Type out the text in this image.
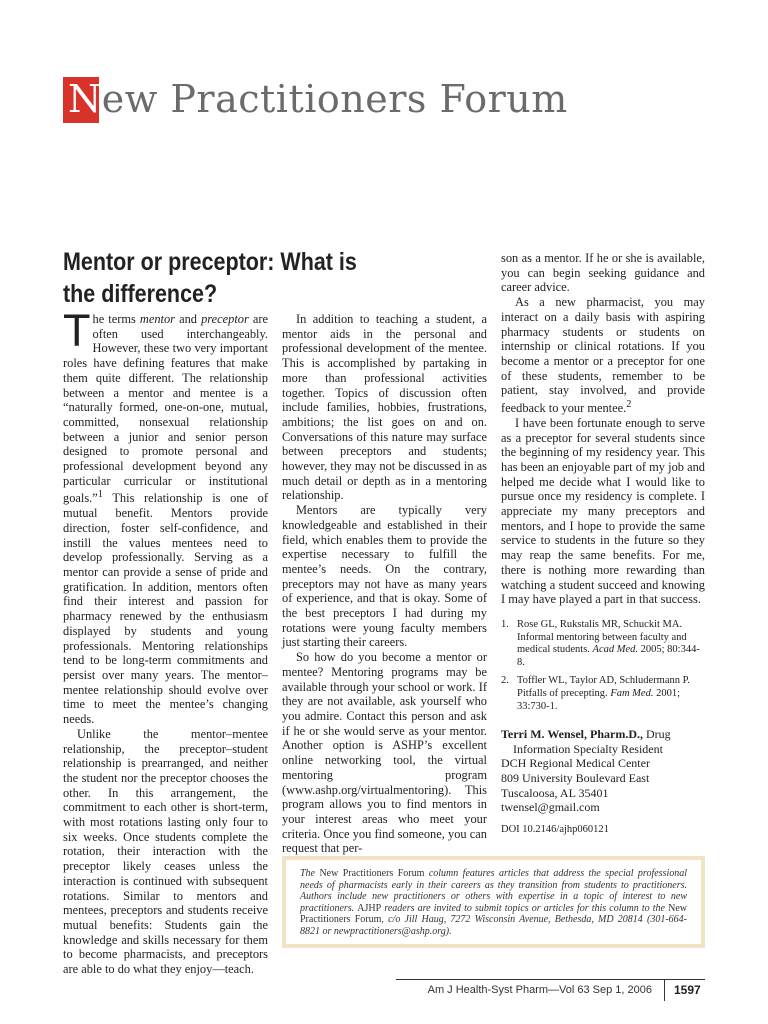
New Practitioners Forum
Mentor or preceptor: What is the difference?

The terms mentor and preceptor are often used interchangeably. However, these two very important roles have defining features that make them quite different. The relationship between a mentor and mentee is a “naturally formed, one-on-one, mutual, committed, nonsexual relationship between a junior and senior person designed to promote personal and professional development beyond any particular curricular or institutional goals.”$^1$ This relationship is one of mutual benefit. Mentors provide direction, foster self-confidence, and instill the values mentees need to develop professionally. Serving as a mentor can provide a sense of pride and gratification. In addition, mentors often find their interest and passion for pharmacy renewed by the enthusiasm displayed by students and young professionals. Mentoring relationships tend to be long-term commitments and persist over many years. The mentor–mentee relationship should evolve over time to meet the mentee’s changing needs.

Unlike the mentor–mentee relationship, the preceptor–student relationship is prearranged, and neither the student nor the preceptor chooses the other. In this arrangement, the commitment to each other is short-term, with most rotations lasting only four to six weeks. Once students complete the rotation, their interaction with the preceptor likely ceases unless the interaction is continued with subsequent rotations. Similar to mentors and mentees, preceptors and students receive mutual benefits: Students gain the knowledge and skills necessary for them to become pharmacists, and preceptors are able to do what they enjoy—teach.

In addition to teaching a student, a mentor aids in the personal and professional development of the mentee. This is accomplished by partaking in more than professional activities together. Topics of discussion often include families, hobbies, frustrations, ambitions; the list goes on and on. Conversations of this nature may surface between preceptors and students; however, they may not be discussed in as much detail or depth as in a mentoring relationship.

Mentors are typically very knowledgeable and established in their field, which enables them to provide the expertise necessary to fulfill the mentee’s needs. On the contrary, preceptors may not have as many years of experience, and that is okay. Some of the best preceptors I had during my rotations were young faculty members just starting their careers.

So how do you become a mentor or mentee? Mentoring programs may be available through your school or work. If they are not available, ask yourself who you admire. Contact this person and ask if he or she would serve as your mentor. Another option is ASHP’s excellent online networking tool, the virtual mentoring program (www.ashp.org/virtualmentoring). This program allows you to find mentors in your interest areas who meet your criteria. Once you find someone, you can request that per-

son as a mentor. If he or she is available, you can begin seeking guidance and career advice.

As a new pharmacist, you may interact on a daily basis with aspiring pharmacy students or students on internship or clinical rotations. If you become a mentor or a preceptor for one of these students, remember to be patient, stay involved, and provide feedback to your mentee.$^2$

I have been fortunate enough to serve as a preceptor for several students since the beginning of my residency year. This has been an enjoyable part of my job and helped me decide what I would like to pursue once my residency is complete. I appreciate my many preceptors and mentors, and I hope to provide the same service to students in the future so they may reap the same benefits. For me, there is nothing more rewarding than watching a student succeed and knowing I may have played a part in that success.

1. Rose GL, Rukstalis MR, Schuckit MA. Informal mentoring between faculty and medical students. Acad Med. 2005; 80:344-8.
2. Toffler WL, Taylor AD, Schludermann P. Pitfalls of precepting. Fam Med. 2001; 33:730-1.
Terri M. Wensel, Pharm.D., Drug
Information Specialty Resident
DCH Regional Medical Center
809 University Boulevard East
Tuscaloosa, AL 35401
twensel@gmail.com
DOI 10.2146/ajhp060121
The New Practitioners Forum column features articles that address the special professional needs of pharmacists early in their careers as they transition from students to practitioners. Authors include new practitioners or others with expertise in a topic of interest to new practitioners. AJHP readers are invited to submit topics or articles for this column to the New Practitioners Forum, c/o Jill Haug, 7272 Wisconsin Avenue, Bethesda, MD 20814 (301-664-8821 or newpractitioners@ashp.org).
Am J Health-Syst Pharm—Vol 63 Sep 1, 2006 1597
